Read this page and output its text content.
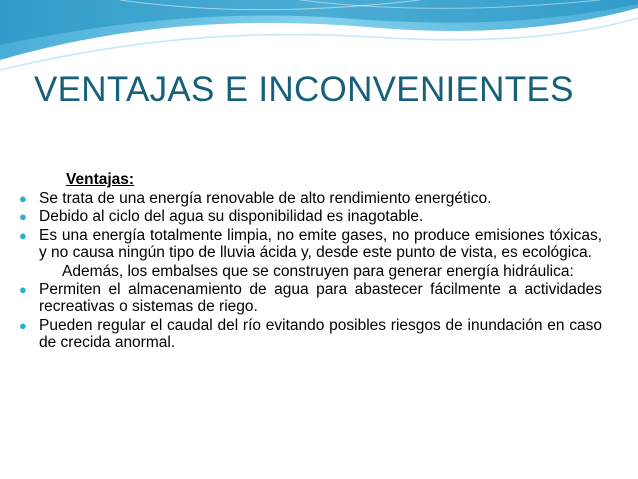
VENTAJAS E INCONVENIENTES
Ventajas:
● Se trata de una energía renovable de alto rendimiento energético.
● Debido al ciclo del agua su disponibilidad es inagotable.
● Es una energía totalmente limpia, no emite gases, no produce emisiones tóxicas, y no causa ningún tipo de lluvia ácida y, desde este punto de vista, es ecológica.
Además, los embalses que se construyen para generar energía hidráulica:
● Permiten el almacenamiento de agua para abastecer fácilmente a actividades recreativas o sistemas de riego.
● Pueden regular el caudal del río evitando posibles riesgos de inundación en caso de crecida anormal.
